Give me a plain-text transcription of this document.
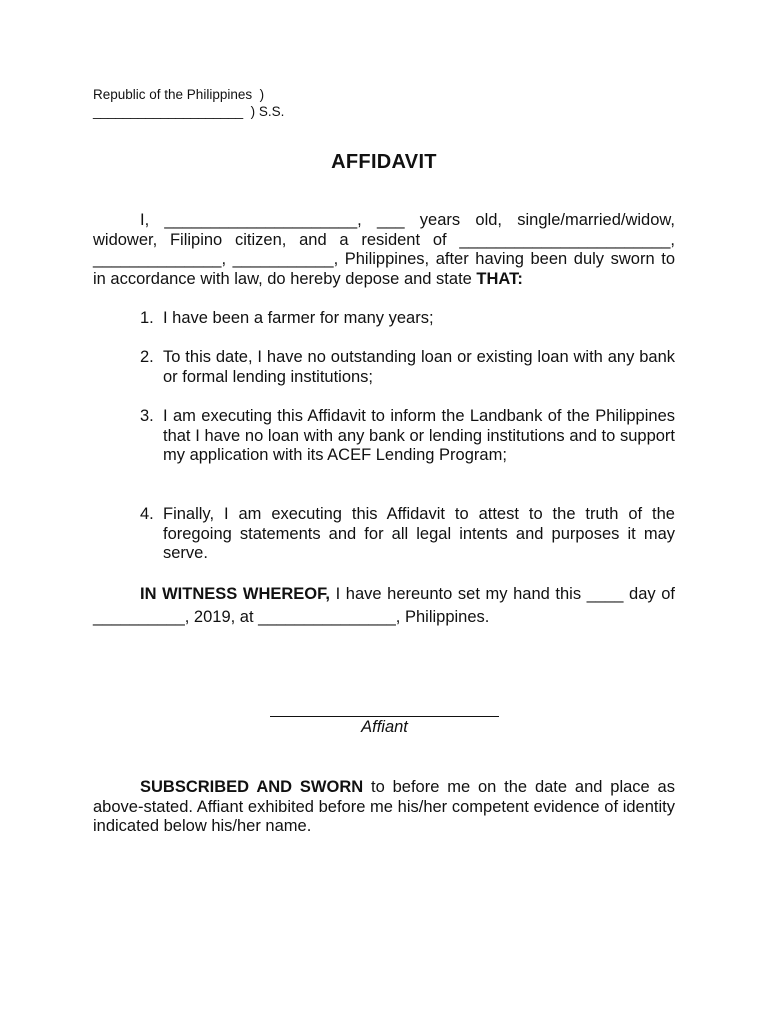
Republic of the Philippines  )
____________________  ) S.S.
AFFIDAVIT
I, _____________________, ___ years old, single/married/widow, widower, Filipino citizen, and a resident of _______________________, ______________, ___________, Philippines, after having been duly sworn to in accordance with law, do hereby depose and state THAT:
1. I have been a farmer for many years;
2. To this date, I have no outstanding loan or existing loan with any bank or formal lending institutions;
3. I am executing this Affidavit to inform the Landbank of the Philippines that I have no loan with any bank or lending institutions and to support my application with its ACEF Lending Program;
4. Finally, I am executing this Affidavit to attest to the truth of the foregoing statements and for all legal intents and purposes it may serve.
IN WITNESS WHEREOF, I have hereunto set my hand this ____ day of __________, 2019, at _______________, Philippines.
Affiant
SUBSCRIBED AND SWORN to before me on the date and place as above-stated. Affiant exhibited before me his/her competent evidence of identity indicated below his/her name.
